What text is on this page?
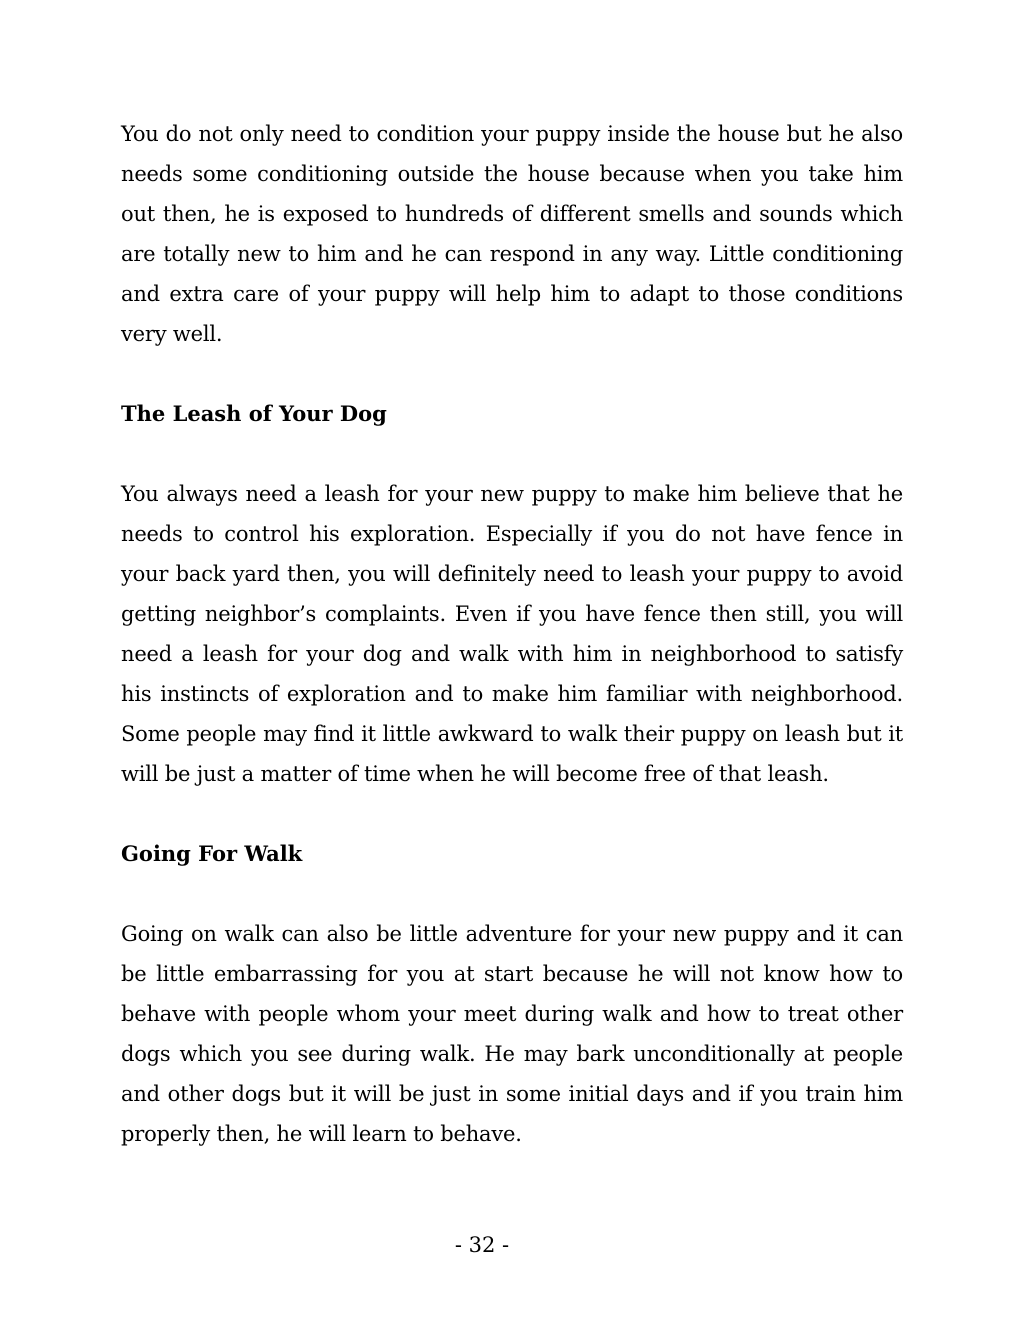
You do not only need to condition your puppy inside the house but he also needs some conditioning outside the house because when you take him out then, he is exposed to hundreds of different smells and sounds which are totally new to him and he can respond in any way. Little conditioning and extra care of your puppy will help him to adapt to those conditions very well.

The Leash of Your Dog

You always need a leash for your new puppy to make him believe that he needs to control his exploration. Especially if you do not have fence in your back yard then, you will definitely need to leash your puppy to avoid getting neighbor’s complaints. Even if you have fence then still, you will need a leash for your dog and walk with him in neighborhood to satisfy his instincts of exploration and to make him familiar with neighborhood. Some people may find it little awkward to walk their puppy on leash but it will be just a matter of time when he will become free of that leash.

Going For Walk

Going on walk can also be little adventure for your new puppy and it can be little embarrassing for you at start because he will not know how to behave with people whom your meet during walk and how to treat other dogs which you see during walk. He may bark unconditionally at people and other dogs but it will be just in some initial days and if you train him properly then, he will learn to behave.

- 32 -
